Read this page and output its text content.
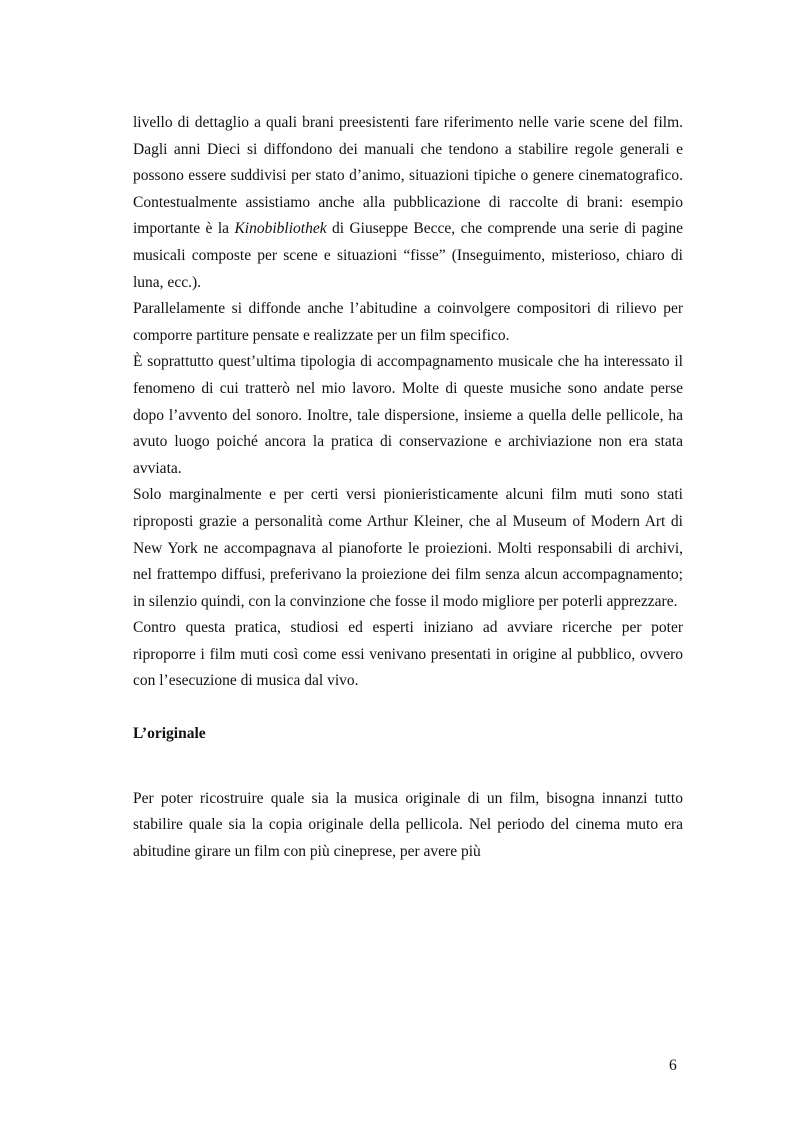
livello di dettaglio a quali brani preesistenti fare riferimento nelle varie scene del film. Dagli anni Dieci si diffondono dei manuali che tendono a stabilire regole generali e possono essere suddivisi per stato d’animo, situazioni tipiche o genere cinematografico. Contestualmente assistiamo anche alla pubblicazione di raccolte di brani: esempio importante è la Kinobibliothek di Giuseppe Becce, che comprende una serie di pagine musicali composte per scene e situazioni “fisse” (Inseguimento, misterioso, chiaro di luna, ecc.).

Parallelamente si diffonde anche l’abitudine a coinvolgere compositori di rilievo per comporre partiture pensate e realizzate per un film specifico.

È soprattutto quest’ultima tipologia di accompagnamento musicale che ha interessato il fenomeno di cui tratterò nel mio lavoro. Molte di queste musiche sono andate perse dopo l’avvento del sonoro. Inoltre, tale dispersione, insieme a quella delle pellicole, ha avuto luogo poiché ancora la pratica di conservazione e archiviazione non era stata avviata.

Solo marginalmente e per certi versi pionieristicamente alcuni film muti sono stati riproposti grazie a personalità come Arthur Kleiner, che al Museum of Modern Art di New York ne accompagnava al pianoforte le proiezioni. Molti responsabili di archivi, nel frattempo diffusi, preferivano la proiezione dei film senza alcun accompagnamento; in silenzio quindi, con la convinzione che fosse il modo migliore per poterli apprezzare.

Contro questa pratica, studiosi ed esperti iniziano ad avviare ricerche per poter riproporre i film muti così come essi venivano presentati in origine al pubblico, ovvero con l’esecuzione di musica dal vivo.

L’originale

Per poter ricostruire quale sia la musica originale di un film, bisogna innanzi tutto stabilire quale sia la copia originale della pellicola. Nel periodo del cinema muto era abitudine girare un film con più cineprese, per avere più

6
